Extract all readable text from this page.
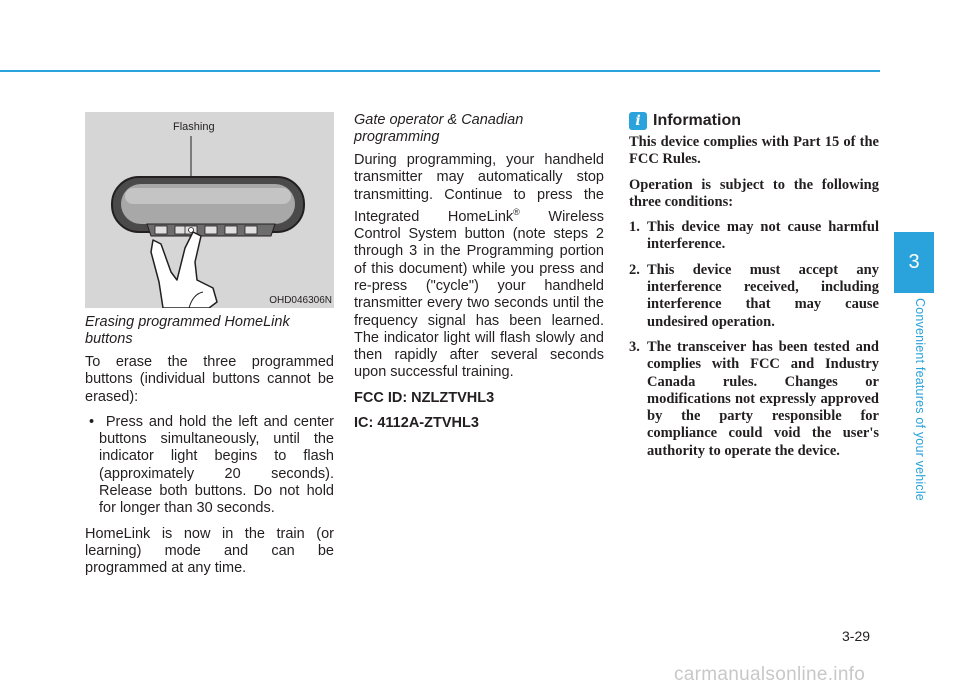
Flashing
OHD046306N
Erasing programmed HomeLink buttons

To erase the three programmed buttons (individual buttons cannot be erased):

•  Press and hold the left and center buttons simultaneously, until the indicator light begins to flash (approximately 20 seconds). Release both buttons. Do not hold for longer than 30 seconds.

HomeLink is now in the train (or learning) mode and can be programmed at any time.

Gate operator & Canadian programming

During programming, your handheld transmitter may automatically stop transmitting. Continue to press the Integrated HomeLink® Wireless Control System button (note steps 2 through 3 in the Programming portion of this document) while you press and re-press ("cycle") your handheld transmitter every two seconds until the frequency signal has been learned. The indicator light will flash slowly and then rapidly after several seconds upon successful training.

FCC ID: NZLZTVHL3
IC: 4112A-ZTVHL3
i Information

This device complies with Part 15 of the FCC Rules.

Operation is subject to the following three conditions:

1. This device may not cause harmful interference.
2. This device must accept any interference received, including interference that may cause undesired operation.
3. The transceiver has been tested and complies with FCC and Industry Canada rules. Changes or modifications not expressly approved by the party responsible for compliance could void the user's authority to operate the device.
3
Convenient features of your vehicle
3-29
carmanualsonline.info
